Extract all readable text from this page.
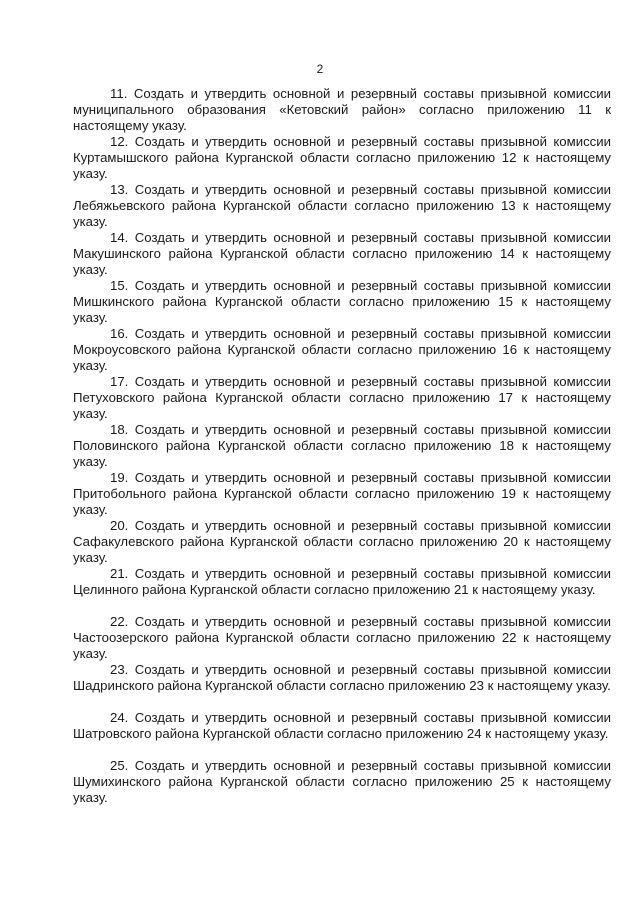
2

11. Создать и утвердить основной и резервный составы призывной комиссии муниципального образования «Кетовский район» согласно приложению 11 к настоящему указу.

12. Создать и утвердить основной и резервный составы призывной комиссии Куртамышского района Курганской области согласно приложению 12 к настоящему указу.

13. Создать и утвердить основной и резервный составы призывной комиссии Лебяжьевского района Курганской области согласно приложению 13 к настоящему указу.

14. Создать и утвердить основной и резервный составы призывной комиссии Макушинского района Курганской области согласно приложению 14 к настоящему указу.

15. Создать и утвердить основной и резервный составы призывной комиссии Мишкинского района Курганской области согласно приложению 15 к настоящему указу.

16. Создать и утвердить основной и резервный составы призывной комиссии Мокроусовского района Курганской области согласно приложению 16 к настоящему указу.

17. Создать и утвердить основной и резервный составы призывной комиссии Петуховского района Курганской области согласно приложению 17 к настоящему указу.

18. Создать и утвердить основной и резервный составы призывной комиссии Половинского района Курганской области согласно приложению 18 к настоящему указу.

19. Создать и утвердить основной и резервный составы призывной комиссии Притобольного района Курганской области согласно приложению 19 к настоящему указу.

20. Создать и утвердить основной и резервный составы призывной комиссии Сафакулевского района Курганской области согласно приложению 20 к настоящему указу.

21. Создать и утвердить основной и резервный составы призывной комиссии Целинного района Курганской области согласно приложению 21 к настоящему указу.

22. Создать и утвердить основной и резервный составы призывной комиссии Частоозерского района Курганской области согласно приложению 22 к настоящему указу.

23. Создать и утвердить основной и резервный составы призывной комиссии Шадринского района Курганской области согласно приложению 23 к настоящему указу.

24. Создать и утвердить основной и резервный составы призывной комиссии Шатровского района Курганской области согласно приложению 24 к настоящему указу.

25. Создать и утвердить основной и резервный составы призывной комиссии Шумихинского района Курганской области согласно приложению 25 к настоящему указу.
